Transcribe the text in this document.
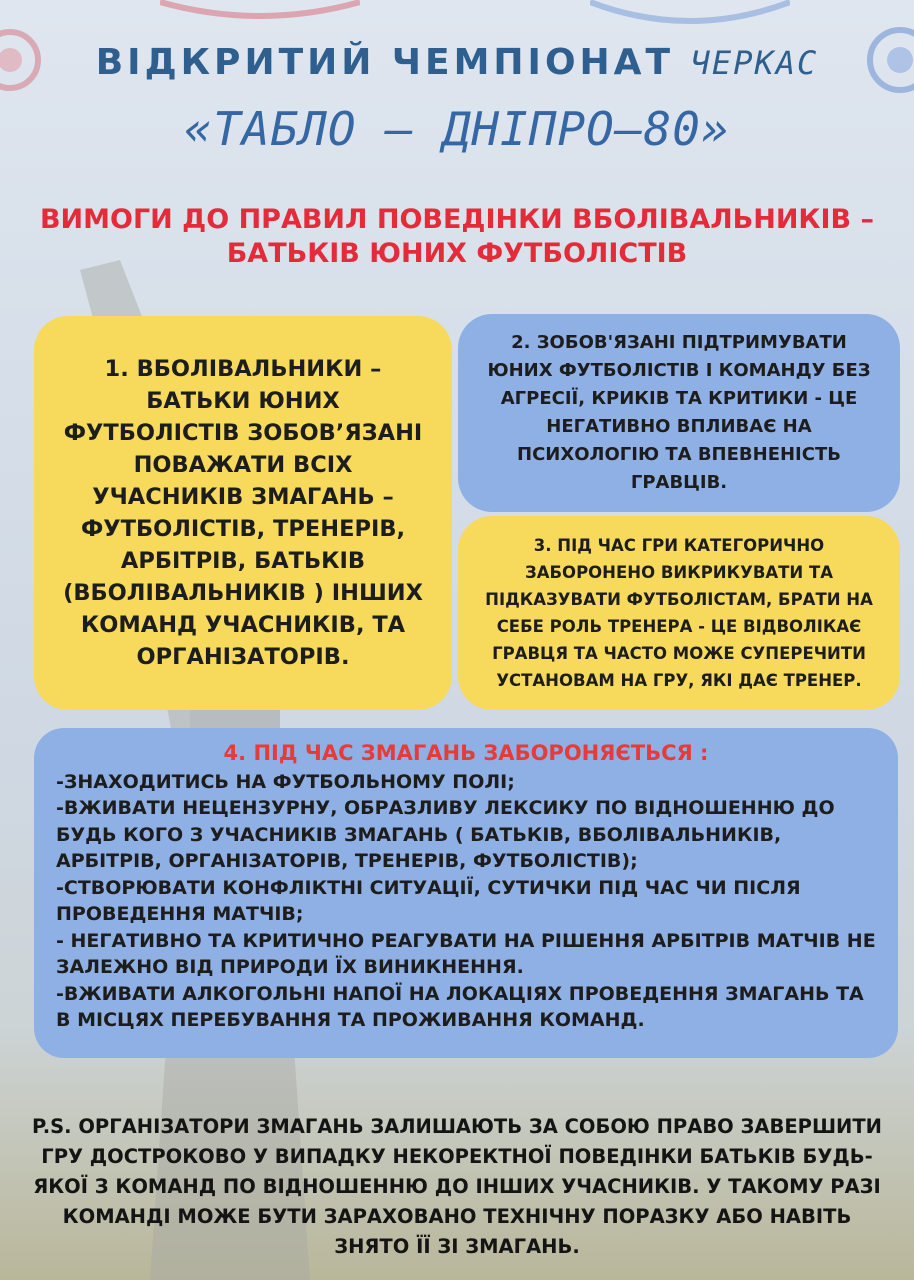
ВІДКРИТИЙ ЧЕМПІОНАТ ЧЕРКАС
«ТАБЛО — ДНІПРО—80»
ВИМОГИ ДО ПРАВИЛ ПОВЕДІНКИ ВБОЛІВАЛЬНИКІВ –
БАТЬКІВ ЮНИХ ФУТБОЛІСТІВ
1. ВБОЛІВАЛЬНИКИ – БАТЬКИ ЮНИХ ФУТБОЛІСТІВ ЗОБОВ’ЯЗАНІ ПОВАЖАТИ ВСІХ УЧАСНИКІВ ЗМАГАНЬ – ФУТБОЛІСТІВ, ТРЕНЕРІВ, АРБІТРІВ, БАТЬКІВ (ВБОЛІВАЛЬНИКІВ ) ІНШИХ КОМАНД УЧАСНИКІВ, ТА ОРГАНІЗАТОРІВ.
2. ЗОБОВ'ЯЗАНІ ПІДТРИМУВАТИ ЮНИХ ФУТБОЛІСТІВ І КОМАНДУ БЕЗ АГРЕСІЇ, КРИКІВ ТА КРИТИКИ - ЦЕ НЕГАТИВНО ВПЛИВАЄ НА ПСИХОЛОГІЮ ТА ВПЕВНЕНІСТЬ ГРАВЦІВ.
3. ПІД ЧАС ГРИ КАТЕГОРИЧНО ЗАБОРОНЕНО ВИКРИКУВАТИ ТА ПІДКАЗУВАТИ ФУТБОЛІСТАМ, БРАТИ НА СЕБЕ РОЛЬ ТРЕНЕРА - ЦЕ ВІДВОЛІКАЄ ГРАВЦЯ ТА ЧАСТО МОЖЕ СУПЕРЕЧИТИ УСТАНОВАМ НА ГРУ, ЯКІ ДАЄ ТРЕНЕР.
4. ПІД ЧАС ЗМАГАНЬ ЗАБОРОНЯЄТЬСЯ :
-ЗНАХОДИТИСЬ НА ФУТБОЛЬНОМУ ПОЛІ;
-ВЖИВАТИ НЕЦЕНЗУРНУ, ОБРАЗЛИВУ ЛЕКСИКУ ПО ВІДНОШЕННЮ ДО БУДЬ КОГО З УЧАСНИКІВ ЗМАГАНЬ ( БАТЬКІВ, ВБОЛІВАЛЬНИКІВ, АРБІТРІВ, ОРГАНІЗАТОРІВ, ТРЕНЕРІВ, ФУТБОЛІСТІВ);
-СТВОРЮВАТИ КОНФЛІКТНІ СИТУАЦІЇ, СУТИЧКИ ПІД ЧАС ЧИ ПІСЛЯ ПРОВЕДЕННЯ МАТЧІВ;
- НЕГАТИВНО ТА КРИТИЧНО РЕАГУВАТИ НА РІШЕННЯ АРБІТРІВ МАТЧІВ НЕ ЗАЛЕЖНО ВІД ПРИРОДИ ЇХ ВИНИКНЕННЯ.
-ВЖИВАТИ АЛКОГОЛЬНІ НАПОЇ НА ЛОКАЦІЯХ ПРОВЕДЕННЯ ЗМАГАНЬ ТА В МІСЦЯХ ПЕРЕБУВАННЯ ТА ПРОЖИВАННЯ КОМАНД.
P.S. ОРГАНІЗАТОРИ ЗМАГАНЬ ЗАЛИШАЮТЬ ЗА СОБОЮ ПРАВО ЗАВЕРШИТИ ГРУ ДОСТРОКОВО У ВИПАДКУ НЕКОРЕКТНОЇ ПОВЕДІНКИ БАТЬКІВ БУДЬ-ЯКОЇ З КОМАНД ПО ВІДНОШЕННЮ ДО ІНШИХ УЧАСНИКІВ. У ТАКОМУ РАЗІ КОМАНДІ МОЖЕ БУТИ ЗАРАХОВАНО ТЕХНІЧНУ ПОРАЗКУ АБО НАВІТЬ ЗНЯТО ЇЇ ЗІ ЗМАГАНЬ.
